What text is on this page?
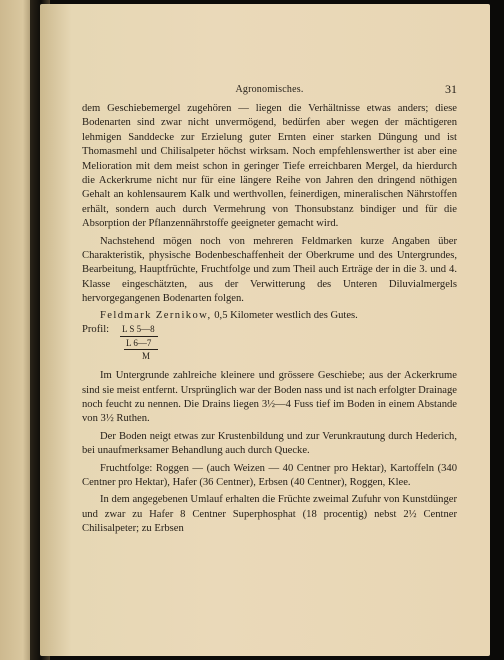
Agronomisches.	31

dem Geschiebemergel zugehören — liegen die Verhältnisse etwas anders; diese Bodenarten sind zwar nicht unvermögend, bedürfen aber wegen der mächtigeren lehmigen Sanddecke zur Erzielung guter Ernten einer starken Düngung und ist Thomasmehl und Chilisalpeter höchst wirksam. Noch empfehlenswerther ist aber eine Melioration mit dem meist schon in geringer Tiefe erreichbaren Mergel, da hierdurch die Ackerkrume nicht nur für eine längere Reihe von Jahren den dringend nöthigen Gehalt an kohlensaurem Kalk und werthvollen, feinerdigen, mineralischen Nährstoffen erhält, sondern auch durch Vermehrung von Thonsubstanz bindiger und für die Absorption der Pflanzennährstoffe geeigneter gemacht wird.

Nachstehend mögen noch von mehreren Feldmarken kurze Angaben über Charakteristik, physische Bodenbeschaffenheit der Oberkrume und des Untergrundes, Bearbeitung, Hauptfrüchte, Fruchtfolge und zum Theil auch Erträge der in die 3. und 4. Klasse eingeschätzten, aus der Verwitterung des Unteren Diluvialmergels hervorgegangenen Bodenarten folgen.

Feldmark Zernikow, 0,5 Kilometer westlich des Gutes.

Profil:	L S 5—8
L 6—7
M

Im Untergrunde zahlreiche kleinere und grössere Geschiebe; aus der Ackerkrume sind sie meist entfernt. Ursprünglich war der Boden nass und ist nach erfolgter Drainage noch feucht zu nennen. Die Drains liegen 3½—4 Fuss tief im Boden in einem Abstande von 3½ Ruthen.

Der Boden neigt etwas zur Krustenbildung und zur Verunkrautung durch Hederich, bei unaufmerksamer Behandlung auch durch Quecke.

Fruchtfolge: Roggen — (auch Weizen — 40 Centner pro Hektar), Kartoffeln (340 Centner pro Hektar), Hafer (36 Centner), Erbsen (40 Centner), Roggen, Klee.

In dem angegebenen Umlauf erhalten die Früchte zweimal Zufuhr von Kunstdünger und zwar zu Hafer 8 Centner Superphosphat (18 procentig) nebst 2½ Centner Chilisalpeter; zu Erbsen
